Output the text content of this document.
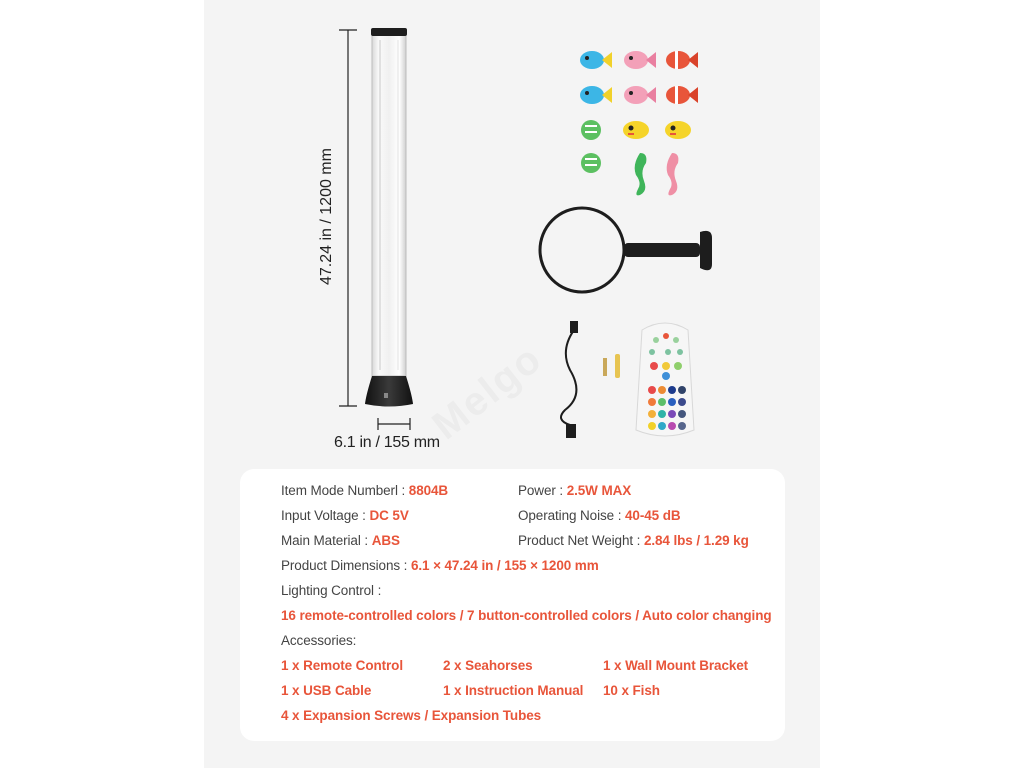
Melgo
6.1 in / 155 mm
47.24 in / 1200 mm
Item Mode Numberl : 8804B	Power : 2.5W MAX
Input Voltage : DC 5V	Operating Noise : 40-45 dB
Main Material : ABS	Product Net Weight : 2.84 lbs / 1.29 kg
Product Dimensions : 6.1 × 47.24 in / 155 × 1200 mm
Lighting Control :
16 remote-controlled colors / 7 button-controlled colors / Auto color changing
Accessories:
1 x Remote Control	2 x Seahorses	1 x Wall Mount Bracket
1 x USB Cable	1 x Instruction Manual 10 x Fish
4 x Expansion Screws / Expansion Tubes
